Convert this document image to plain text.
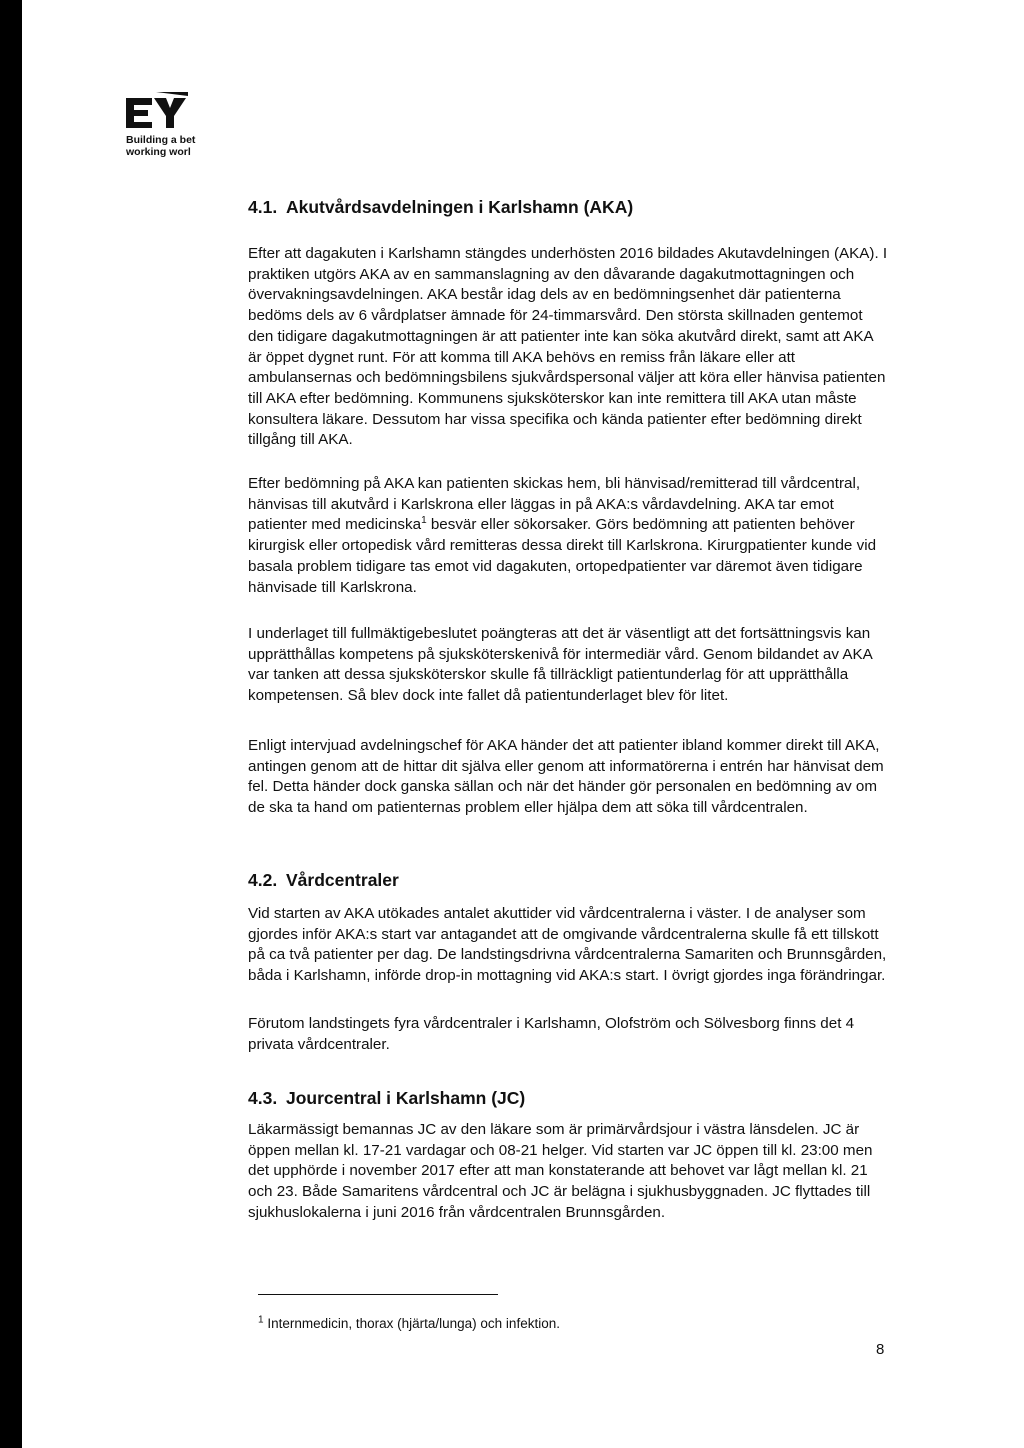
Building a bet
working worl
4.1. Akutvårdsavdelningen i Karlshamn (AKA)

Efter att dagakuten i Karlshamn stängdes underhösten 2016 bildades Akutavdelningen (AKA). I praktiken utgörs AKA av en sammanslagning av den dåvarande dagakutmottagningen och övervakningsavdelningen. AKA består idag dels av en bedömningsenhet där patienterna bedöms dels av 6 vårdplatser ämnade för 24-timmarsvård. Den största skillnaden gentemot den tidigare dagakutmottagningen är att patienter inte kan söka akutvård direkt, samt att AKA är öppet dygnet runt. För att komma till AKA behövs en remiss från läkare eller att ambulansernas och bedömningsbilens sjukvårdspersonal väljer att köra eller hänvisa patienten till AKA efter bedömning. Kommunens sjuksköterskor kan inte remittera till AKA utan måste konsultera läkare. Dessutom har vissa specifika och kända patienter efter bedömning direkt tillgång till AKA.

Efter bedömning på AKA kan patienten skickas hem, bli hänvisad/remitterad till vårdcentral, hänvisas till akutvård i Karlskrona eller läggas in på AKA:s vårdavdelning. AKA tar emot patienter med medicinska$^1$ besvär eller sökorsaker. Görs bedömning att patienten behöver kirurgisk eller ortopedisk vård remitteras dessa direkt till Karlskrona. Kirurgpatienter kunde vid basala problem tidigare tas emot vid dagakuten, ortopedpatienter var däremot även tidigare hänvisade till Karlskrona.

I underlaget till fullmäktigebeslutet poängteras att det är väsentligt att det fortsättningsvis kan upprätthållas kompetens på sjuksköterskenivå för intermediär vård. Genom bildandet av AKA var tanken att dessa sjuksköterskor skulle få tillräckligt patientunderlag för att upprätthålla kompetensen. Så blev dock inte fallet då patientunderlaget blev för litet.

Enligt intervjuad avdelningschef för AKA händer det att patienter ibland kommer direkt till AKA, antingen genom att de hittar dit själva eller genom att informatörerna i entrén har hänvisat dem fel. Detta händer dock ganska sällan och när det händer gör personalen en bedömning av om de ska ta hand om patienternas problem eller hjälpa dem att söka till vårdcentralen.

4.2. Vårdcentraler

Vid starten av AKA utökades antalet akuttider vid vårdcentralerna i väster. I de analyser som gjordes inför AKA:s start var antagandet att de omgivande vårdcentralerna skulle få ett tillskott på ca två patienter per dag. De landstingsdrivna vårdcentralerna Samariten och Brunnsgården, båda i Karlshamn, införde drop-in mottagning vid AKA:s start. I övrigt gjordes inga förändringar.

Förutom landstingets fyra vårdcentraler i Karlshamn, Olofström och Sölvesborg finns det 4 privata vårdcentraler.

4.3. Jourcentral i Karlshamn (JC)

Läkarmässigt bemannas JC av den läkare som är primärvårdsjour i västra länsdelen. JC är öppen mellan kl. 17-21 vardagar och 08-21 helger. Vid starten var JC öppen till kl. 23:00 men det upphörde i november 2017 efter att man konstaterande att behovet var lågt mellan kl. 21 och 23. Både Samaritens vårdcentral och JC är belägna i sjukhusbyggnaden. JC flyttades till sjukhuslokalerna i juni 2016 från vårdcentralen Brunnsgården.

$^1$ Internmedicin, thorax (hjärta/lunga) och infektion.
8
